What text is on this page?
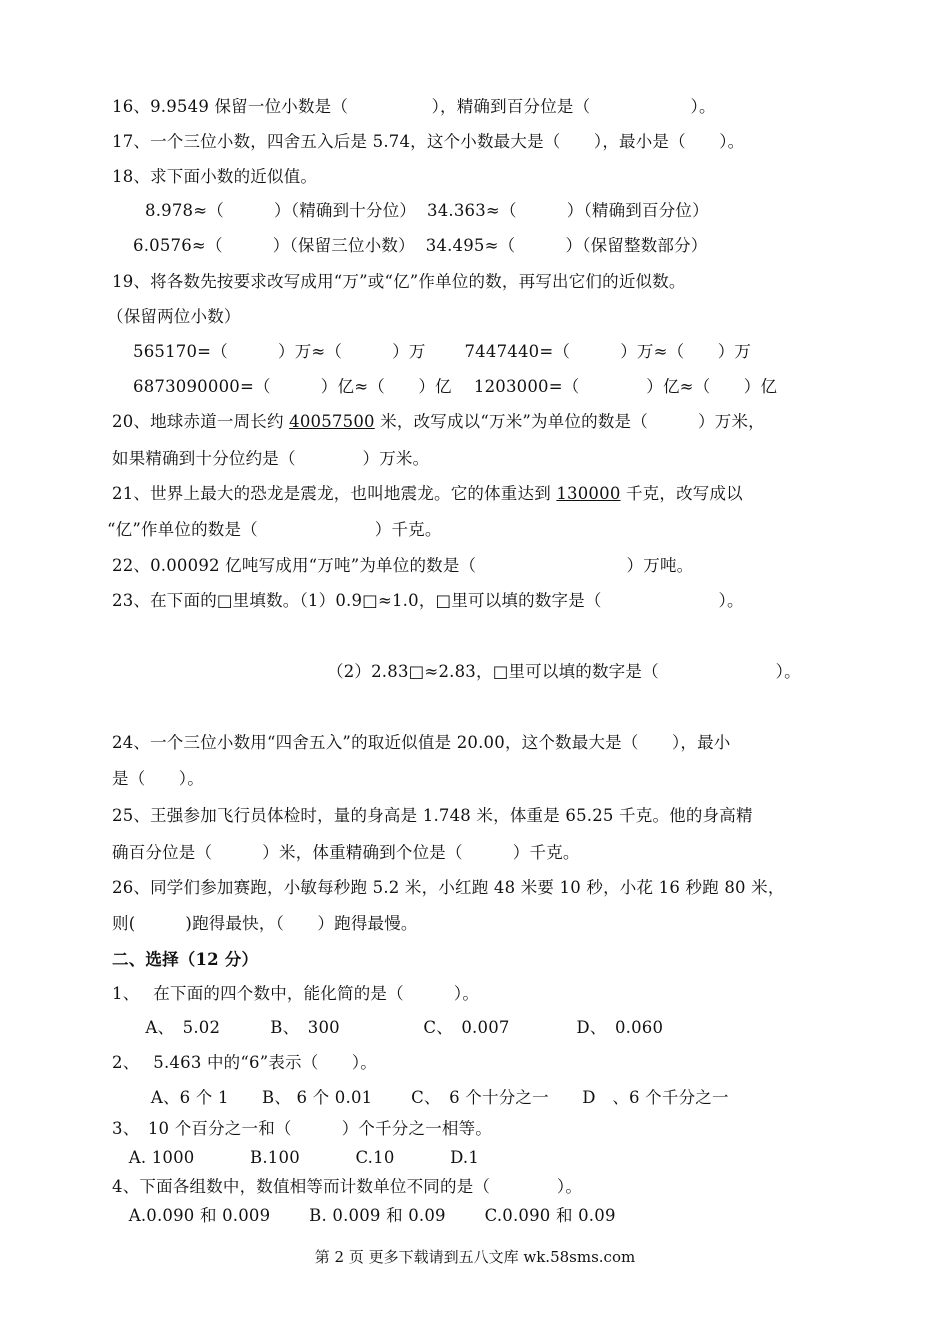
16、9.9549 保留一位小数是（　　　　　），精确到百分位是（　　　　　　）。
17、一个三位小数，四舍五入后是 5.74，这个小数最大是（　　），最小是（　　）。
18、求下面小数的近似值。
8.978≈（　　　）（精确到十分位）  34.363≈（　　　）（精确到百分位）
6.0576≈（　　　）（保留三位小数）  34.495≈（　　　）（保留整数部分）
19、将各数先按要求改写成用“万”或“亿”作单位的数，再写出它们的近似数。
（保留两位小数）
565170=（　　　）万≈（　　　）万　　 7447440=（　　　）万≈（　　）万
6873090000=（　　　）亿≈（　　）亿　 1203000=（　　　　）亿≈（　　）亿
20、地球赤道一周长约 40057500 米，改写成以“万米”为单位的数是（　　　）万米，
如果精确到十分位约是（　　　　）万米。
21、世界上最大的恐龙是震龙，也叫地震龙。它的体重达到 130000 千克，改写成以
“亿”作单位的数是（　　　　　　　）千克。
22、0.00092 亿吨写成用“万吨”为单位的数是（　　　　　　　　　）万吨。
23、在下面的□里填数。（1）0.9□≈1.0，□里可以填的数字是（　　　　　　　）。
（2）2.83□≈2.83，□里可以填的数字是（　　　　　　　）。
24、一个三位小数用“四舍五入”的取近似值是 20.00，这个数最大是（　　），最小
是（　　）。
25、王强参加飞行员体检时，量的身高是 1.748 米，体重是 65.25 千克。他的身高精
确百分位是（　　　）米，体重精确到个位是（　　　）千克。
26、同学们参加赛跑，小敏每秒跑 5.2 米，小红跑 48 米要 10 秒，小花 16 秒跑 80 米，
则(　　　)跑得最快，（　　）跑得最慢。
二、选择（12 分）
1、　 在下面的四个数中，能化简的是（　　　）。
　　A、　5.02　　　B、　300　　　　　C、　0.007　　　　D、　0.060
2、　 5.463 中的“6”表示（　　）。
　　 A、6 个 1　　B、 6 个 0.01　　 C、　6 个十分之一　　D　、6 个千分之一
3、　10 个百分之一和（　　　）个千分之一相等。
　A. 1000　　　 B.100　　　 C.10　　　 D.1
4、下面各组数中，数值相等而计数单位不同的是（　　　　）。
　A.0.090 和 0.009　　 B. 0.009 和 0.09　　 C.0.090 和 0.09
第 2 页 更多下载请到五八文库 wk.58sms.com
